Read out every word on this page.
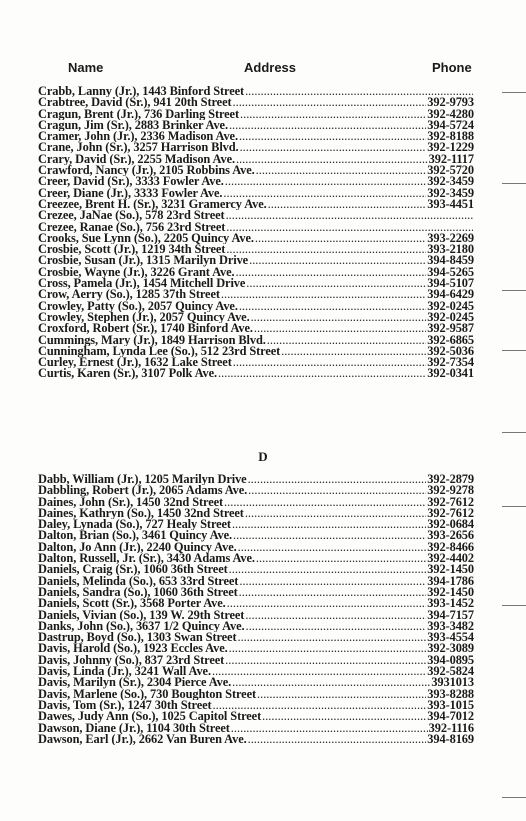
Name	Address	Phone
Crabb, Lanny (Jr.), 1443 Binford Street
.....
Crabtree, David (Sr.), 941 20th Street .....	392-9793
Cragun, Brent (Jr.), 736 Darling Street .....	392-4280
Cragun, Jim (Sr.), 2883 Brinker Ave. .....	394-5724
Cramer, John (Jr.), 2336 Madison Ave. .....	392-8188
Crane, John (Sr.), 3257 Harrison Blvd. .....	392-1229
Crary, David (Sr.), 2255 Madison Ave. .....	392-1117
Crawford, Nancy (Jr.), 2105 Robbins Ave. .....	392-5720
Creer, David (Sr.), 3333 Fowler Ave. .....	392-3459
Creer, Diane (Jr.), 3333 Fowler Ave. .....	392-3459
Creezee, Brent H. (Sr.), 3231 Gramercy Ave. .....	393-4451
Crezee, JaNae (So.), 578 23rd Street
.....
Crezee, Ranae (So.), 756 23rd Street
.....
Crooks, Sue Lynn (So.), 2205 Quincy Ave. .....	393-2269
Crosbie, Scott (Jr.), 1219 34th Street .....	393-2180
Crosbie, Susan (Jr.), 1315 Marilyn Drive .....	394-8459
Crosbie, Wayne (Jr.), 3226 Grant Ave. .....	394-5265
Cross, Pamela (Jr.), 1454 Mitchell Drive .....	394-5107
Crow, Aerry (So.), 1285 37th Street .....	394-6429
Crowley, Patty (So.), 2057 Quincy Ave. .....	392-0245
Crowley, Stephen (Jr.), 2057 Quincy Ave. .....	392-0245
Croxford, Robert (Sr.), 1740 Binford Ave. .....	392-9587
Cummings, Mary (Jr.), 1849 Harrison Blvd. .....	392-6865
Cunningham, Lynda Lee (So.), 512 23rd Street .....	392-5036
Curley, Ernest (Jr.), 1632 Lake Street .....	392-7354
Curtis, Karen (Sr.), 3107 Polk Ave. .....	392-0341
D
Dabb, William (Jr.), 1205 Marilyn Drive .....	392-2879
Dabbling, Robert (Jr.), 2065 Adams Ave. .....	392-9278
Daines, John (Sr.), 1450 32nd Street .....	392-7612
Daines, Kathryn (So.), 1450 32nd Street .....	392-7612
Daley, Lynada (So.), 727 Healy Street .....	392-0684
Dalton, Brian (So.), 3461 Quincy Ave. .....	393-2656
Dalton, Jo Ann (Jr.), 2240 Quincy Ave. .....	392-8466
Dalton, Russell, Jr. (Sr.), 3430 Adams Ave. .....	392-4402
Daniels, Craig (Sr.), 1060 36th Street .....	392-1450
Daniels, Melinda (So.), 653 33rd Street .....	394-1786
Daniels, Sandra (So.), 1060 36th Street .....	392-1450
Daniels, Scott (Sr.), 3568 Porter Ave. .....	393-1452
Daniels, Vivian (So.), 139 W. 29th Street .....	394-7157
Danks, John (So.), 3637 1/2 Quincy Ave. .....	393-3482
Dastrup, Boyd (So.), 1303 Swan Street .....	393-4554
Davis, Harold (So.), 1923 Eccles Ave. .....	392-3089
Davis, Johnny (So.), 837 23rd Street .....	394-0895
Davis, Linda (Jr.), 3241 Wall Ave. .....	392-5824
Davis, Marilyn (Sr.), 2304 Pierce Ave. .....	3931013
Davis, Marlene (So.), 730 Boughton Street .....	393-8288
Davis, Tom (Sr.), 1247 30th Street .....	393-1015
Dawes, Judy Ann (So.), 1025 Capitol Street .....	394-7012
Dawson, Diane (Jr.), 1104 30th Street .....	392-1116
Dawson, Earl (Jr.), 2662 Van Buren Ave. .....	394-8169
